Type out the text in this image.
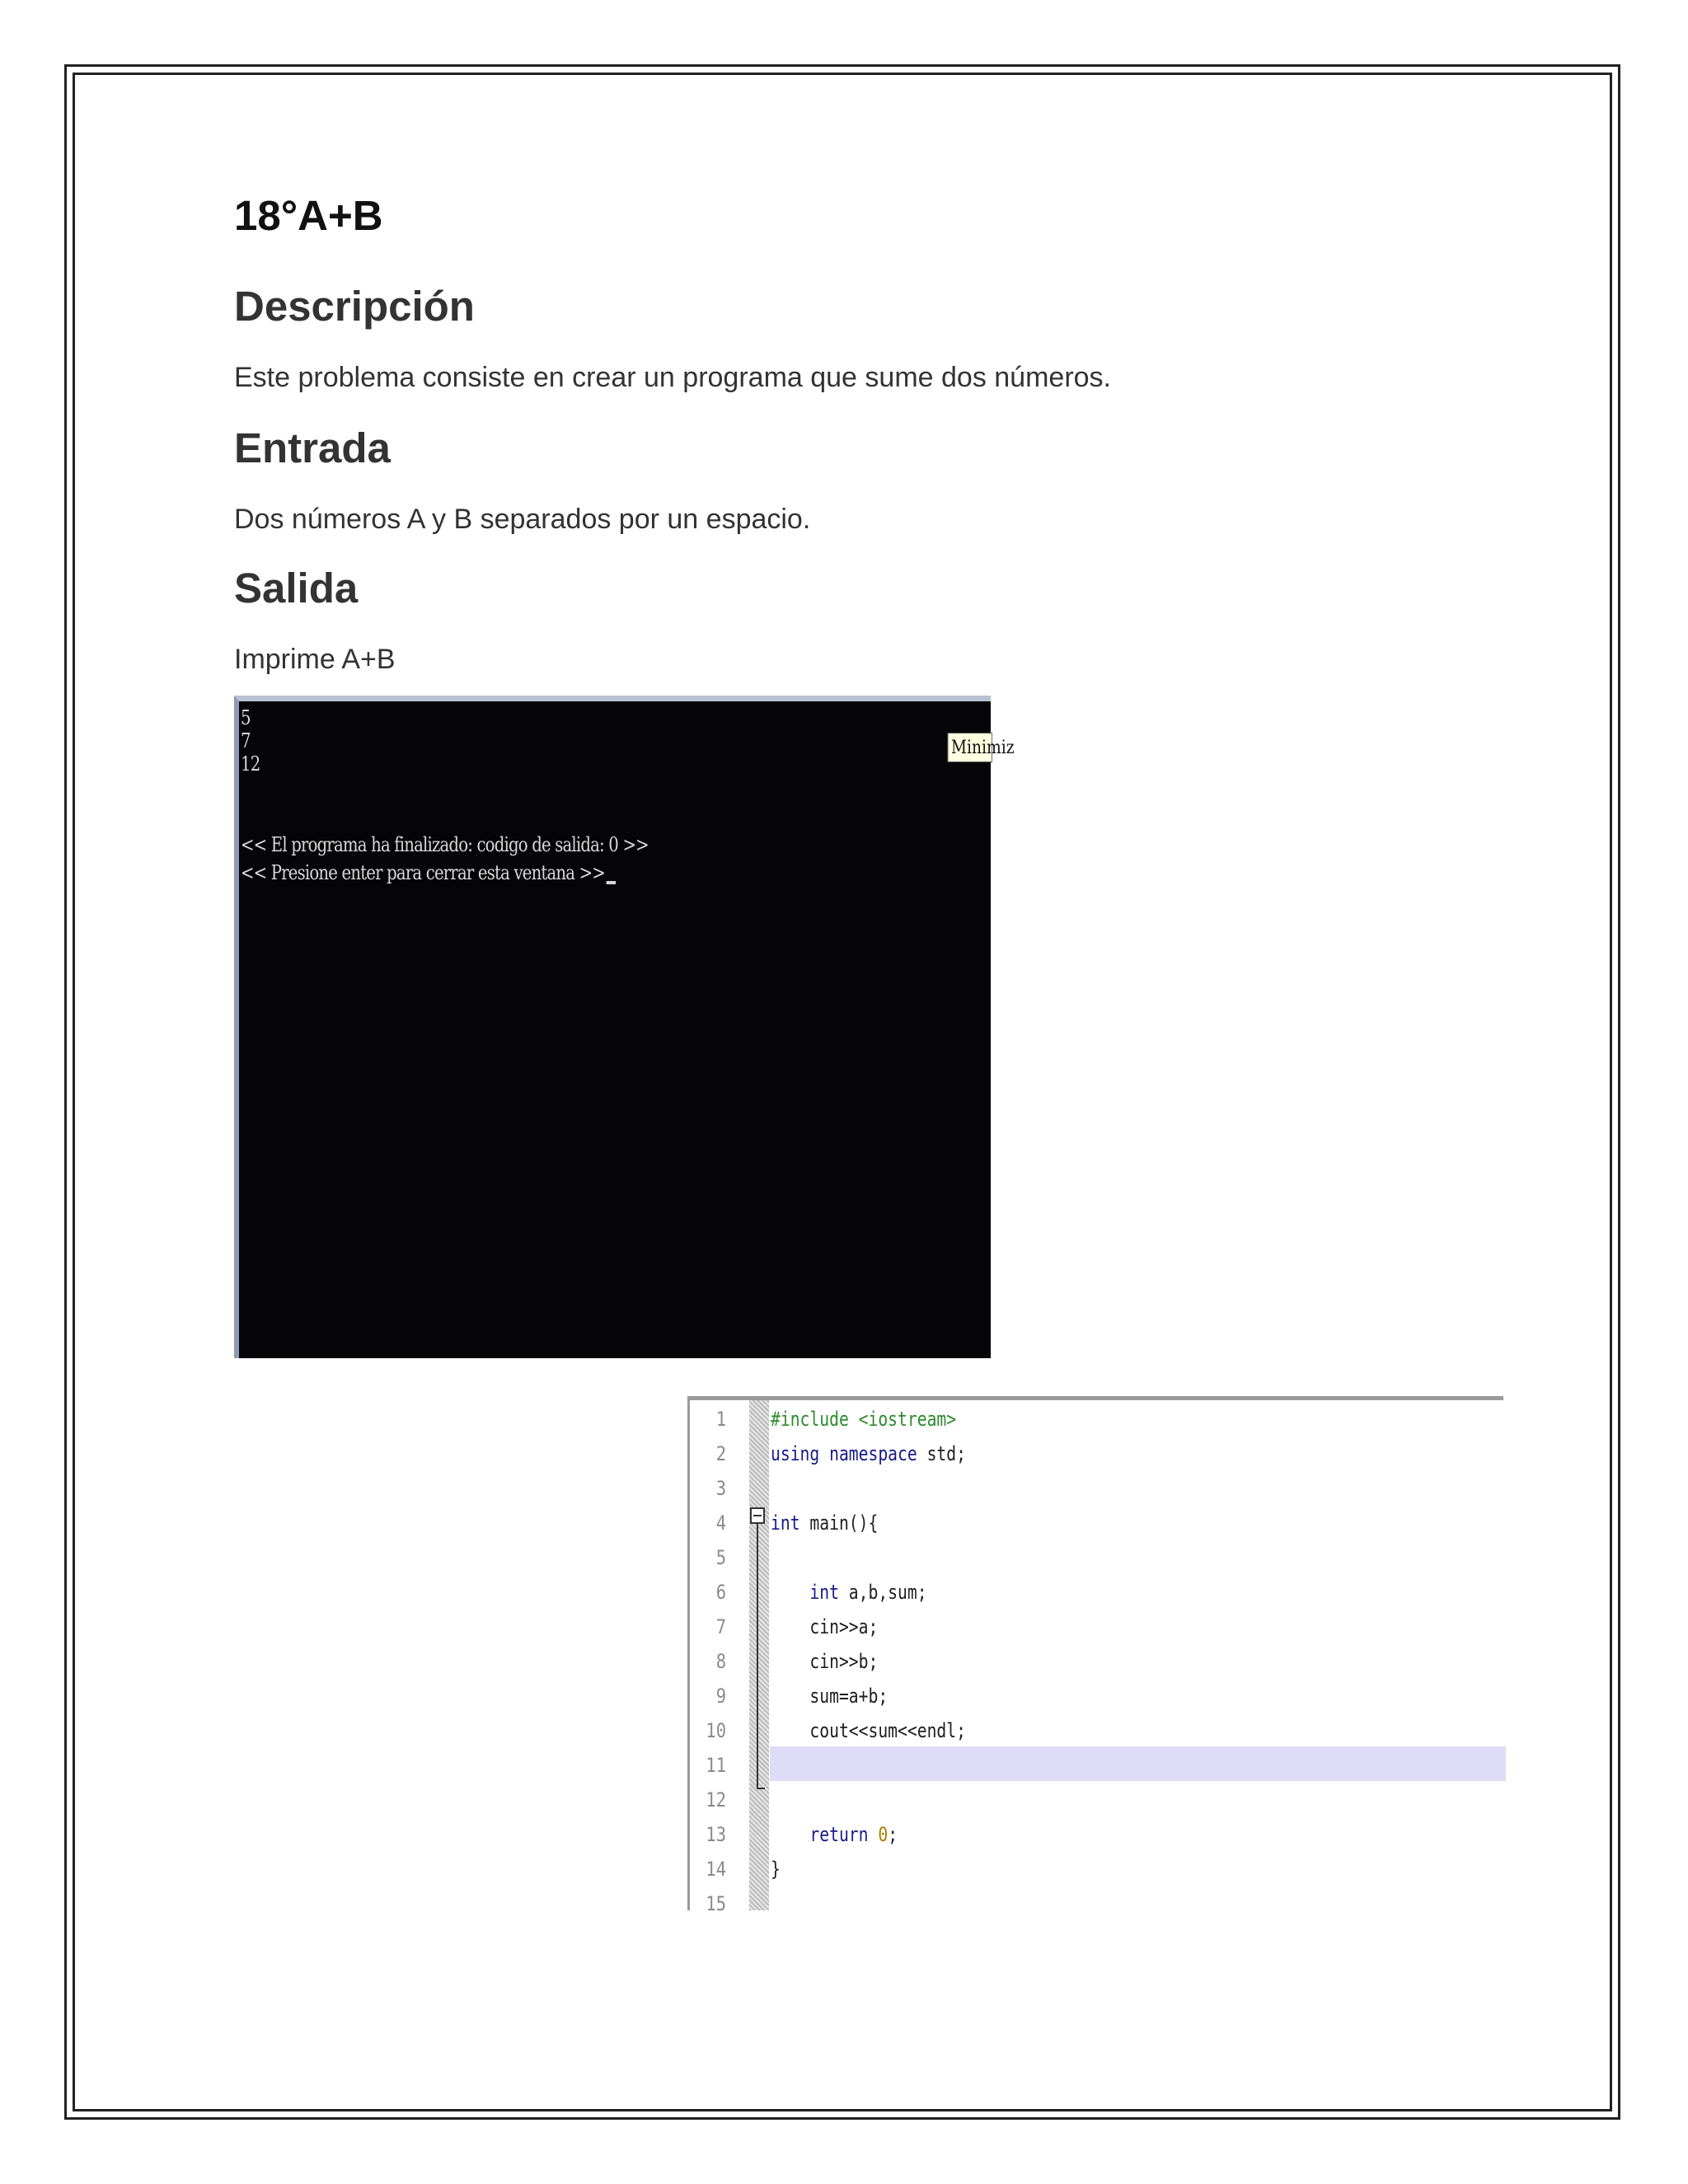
18°A+B
Descripción

Este problema consiste en crear un programa que sume dos números.

Entrada

Dos números A y B separados por un espacio.

Salida

Imprime A+B

5
7
12
<< El programa ha finalizado: codigo de salida: 0 >>
<< Presione enter para cerrar esta ventana >>
Minimiz
1 #include <iostream>
2 using namespace std;
3
4 int main(){
5
6	int a,b,sum;
7 cin>>a;
8 cin>>b;
9 sum=a+b;
10 cout<<sum<<endl;
11
12
13	return 0;
14 }
15
